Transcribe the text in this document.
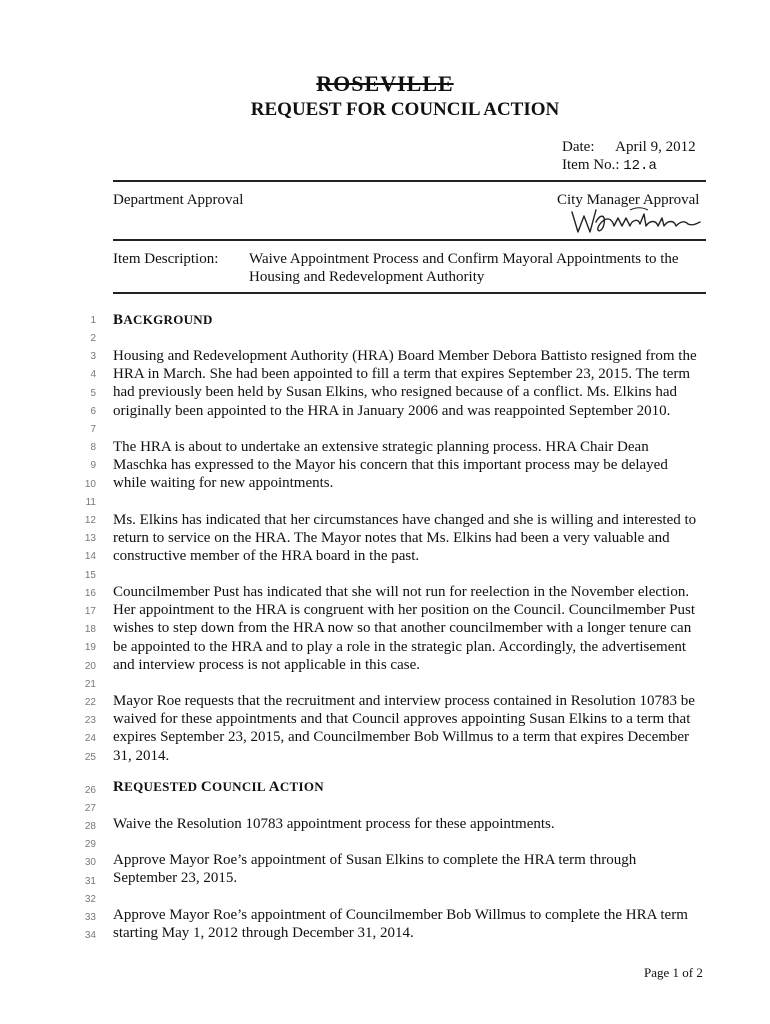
ROSEVILLE
REQUEST FOR COUNCIL ACTION
Date: April 9, 2012
Item No.: 12.a
Department Approval	City Manager Approval
Item Description: Waive Appointment Process and Confirm Mayoral Appointments to the
Housing and Redevelopment Authority
1
2
3
4
5
6
7
8
9
10
11
12
13
14
15
16
17
18
19
20
21
22
23
24
25
26
27
28
29
30
31
32
33
34
BACKGROUND
Housing and Redevelopment Authority (HRA) Board Member Debora Battisto resigned from the
HRA in March. She had been appointed to fill a term that expires September 23, 2015. The term
had previously been held by Susan Elkins, who resigned because of a conflict. Ms. Elkins had
originally been appointed to the HRA in January 2006 and was reappointed September 2010.
The HRA is about to undertake an extensive strategic planning process. HRA Chair Dean
Maschka has expressed to the Mayor his concern that this important process may be delayed
while waiting for new appointments.
Ms. Elkins has indicated that her circumstances have changed and she is willing and interested to
return to service on the HRA. The Mayor notes that Ms. Elkins had been a very valuable and
constructive member of the HRA board in the past.
Councilmember Pust has indicated that she will not run for reelection in the November election.
Her appointment to the HRA is congruent with her position on the Council. Councilmember Pust
wishes to step down from the HRA now so that another councilmember with a longer tenure can
be appointed to the HRA and to play a role in the strategic plan. Accordingly, the advertisement
and interview process is not applicable in this case.
Mayor Roe requests that the recruitment and interview process contained in Resolution 10783 be
waived for these appointments and that Council approves appointing Susan Elkins to a term that
expires September 23, 2015, and Councilmember Bob Willmus to a term that expires December
31, 2014.
REQUESTED COUNCIL ACTION
Waive the Resolution 10783 appointment process for these appointments.
Approve Mayor Roe’s appointment of Susan Elkins to complete the HRA term through
September 23, 2015.
Approve Mayor Roe’s appointment of Councilmember Bob Willmus to complete the HRA term
starting May 1, 2012 through December 31, 2014.
Page 1 of 2
